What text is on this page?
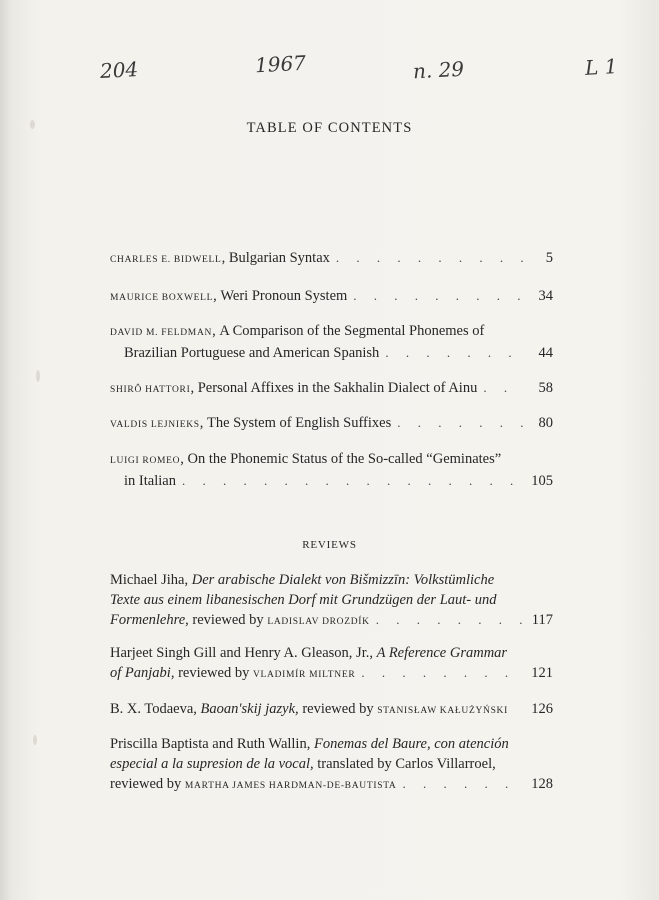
204	1967	n. 29	L 1
TABLE OF CONTENTS
CHARLES E. BIDWELL , Bulgarian Syntax . . .	5
MAURICE BOXWELL , Weri Pronoun System . . .	34
DAVID M. FELDMAN , A Comparison of the Segmental Phonemes of
Brazilian Portuguese and American Spanish . . .	44
SHIRÔ HATTORI , Personal Affixes in the Sakhalin Dialect of Ainu . . .	58
VALDIS LEJNIEKS , The System of English Suffixes . . .	80
LUIGI ROMEO , On the Phonemic Status of the So-called “Geminates”
in Italian . . .	105
REVIEWS
Michael Jiha,
Der arabische Dialekt von Bišmizzīn: Volkstümliche
Texte aus einem libanesischen Dorf mit Grundzügen der Laut- und
Formenlehre,
reviewed by
LADISLAV DROZDÍK . . .	117
Harjeet Singh Gill and Henry A. Gleason, Jr.,
A Reference Grammar
of Panjabi,
reviewed by
VLADIMÍR MILTNER . . .	121
B. X. Todaeva,
Baoan'skij jazyk,
reviewed by
STANISŁAW KAŁUŻYŃSKI 126
Priscilla Baptista and Ruth Wallin,
Fonemas del Baure, con atención
especial a la supresion de la vocal,
translated by Carlos Villarroel,
reviewed by
MARTHA JAMES HARDMAN-DE-BAUTISTA . . .	128
